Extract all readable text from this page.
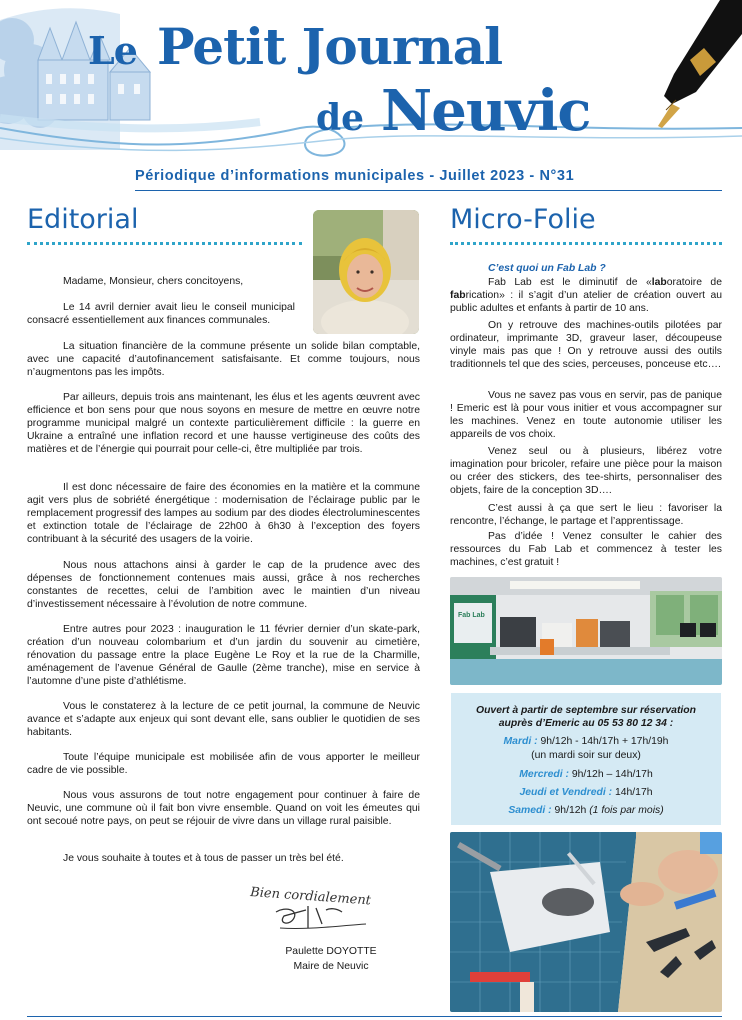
Le Petit Journal
de Neuvic
Périodique d’informations municipales - Juillet 2023 - N°31
Editorial

Madame, Monsieur, chers concitoyens,

Le 14 avril dernier avait lieu le conseil municipal consacré essentiellement aux finances communales.

La situation financière de la commune présente un solide bilan comptable, avec une capacité d’autofinancement satisfaisante. Et comme toujours, nous n’augmentons pas les impôts.

Par ailleurs, depuis trois ans maintenant, les élus et les agents œuvrent avec efficience et bon sens pour que nous soyons en mesure de mettre en œuvre notre programme municipal malgré un contexte particulièrement difficile : la guerre en Ukraine a entraîné une inflation record et une hausse vertigineuse des coûts des matières et de l’énergie qui pourrait pour celle-ci, être multipliée par trois.

Il est donc nécessaire de faire des économies en la matière et la commune agit vers plus de sobriété énergétique : modernisation de l’éclairage public par le remplacement progressif des lampes au sodium par des diodes électroluminescentes et extinction totale de l’éclairage de 22h00 à 6h30 à l’exception des foyers contribuant à la sécurité des usagers de la voirie.

Nous nous attachons ainsi à garder le cap de la prudence avec des dépenses de fonctionnement contenues mais aussi, grâce à nos recherches constantes de recettes, celui de l’ambition avec le maintien d’un niveau d’investissement nécessaire à l’évolution de notre commune.

Entre autres pour 2023 : inauguration le 11 février dernier d’un skate-park, création d’un nouveau colombarium et d’un jardin du souvenir au cimetière, rénovation du passage entre la place Eugène Le Roy et la rue de la Charmille, aménagement de l’avenue Général de Gaulle (2ème tranche), mise en service à l’automne d’une piste d’athlétisme.

Vous le constaterez à la lecture de ce petit journal, la commune de Neuvic avance et s’adapte aux enjeux qui sont devant elle, sans oublier le quotidien de ses habitants.

Toute l’équipe municipale est mobilisée afin de vous apporter le meilleur cadre de vie possible.

Nous vous assurons de tout notre engagement pour continuer à faire de Neuvic, une commune où il fait bon vivre ensemble. Quand on voit les émeutes qui ont secoué notre pays, on peut se réjouir de vivre dans un village rural paisible.

Je vous souhaite à toutes et à tous de passer un très bel été.

Bien cordialement
Paulette DOYOTTE
Maire de Neuvic
Micro-Folie
C’est quoi un Fab Lab ?

Fab Lab est le diminutif de «laboratoire de fabrication» : il s’agit d’un atelier de création ouvert au public adultes et enfants à partir de 10 ans.

On y retrouve des machines-outils pilotées par ordinateur, imprimante 3D, graveur laser, découpeuse vinyle mais pas que ! On y retrouve aussi des outils traditionnels tel que des scies, perceuses, ponceuse etc….

Vous ne savez pas vous en servir, pas de panique ! Emeric est là pour vous initier et vous accompagner sur les machines. Venez en toute autonomie utiliser les appareils de vos choix.

Venez seul ou à plusieurs, libérez votre imagination pour bricoler, refaire une pièce pour la maison ou créer des stickers, des tee-shirts, personnaliser des objets, faire de la conception 3D….

C’est aussi à ça que sert le lieu : favoriser la rencontre, l’échange, le partage et l’apprentissage.

Pas d’idée ! Venez consulter le cahier des ressources du Fab Lab et commencez à tester les machines, c’est gratuit !

Fab Lab
Ouvert à partir de septembre sur réservation
auprès d’Emeric au 05 53 80 12 34 :
Mardi : 9h/12h - 14h/17h + 17h/19h
(un mardi soir sur deux)
Mercredi : 9h/12h – 14h/17h
Jeudi et Vendredi : 14h/17h
Samedi : 9h/12h (1 fois par mois)
